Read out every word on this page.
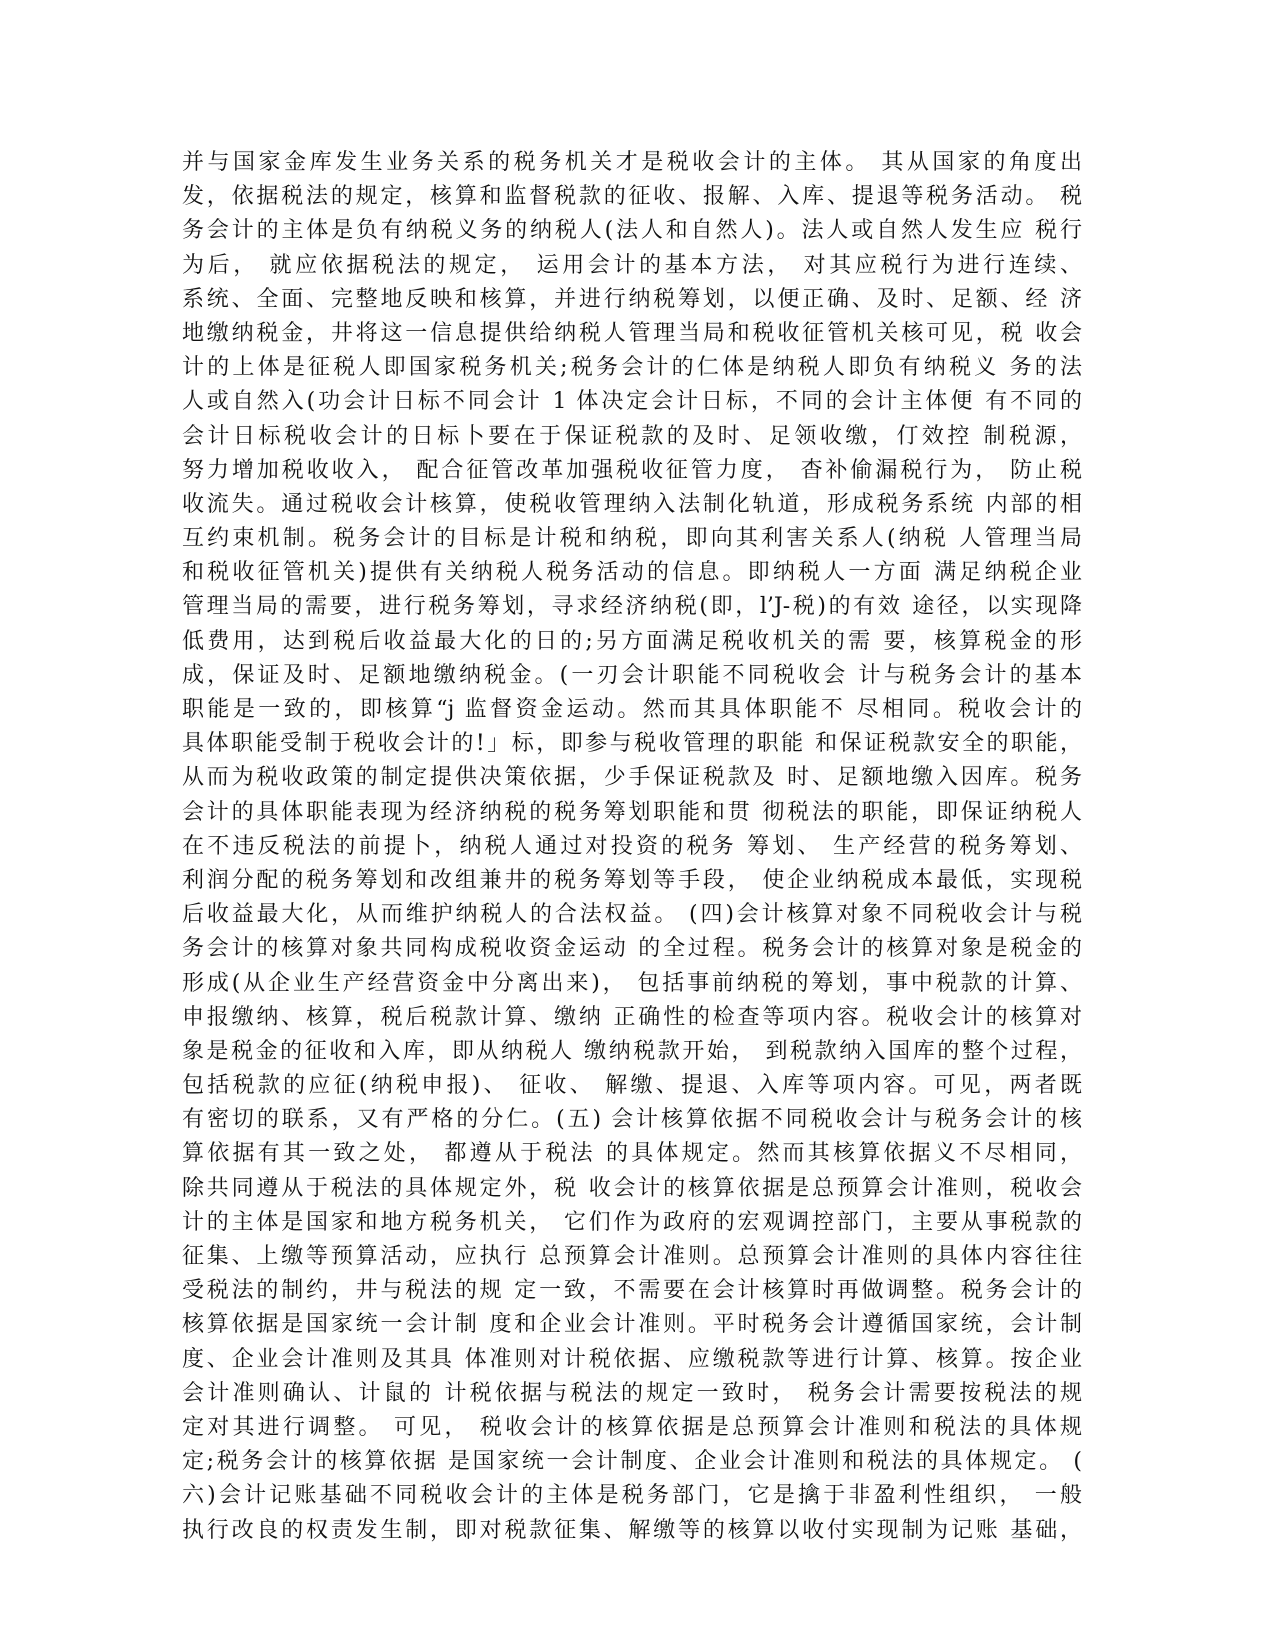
并与国家金库发生业务关系的税务机关才是税收会计的主体。 其从国家的角度出
发，依据税法的规定，核算和监督税款的征收、报解、入库、提退等税务活动。 税
务会计的主体是负有纳税义务的纳税人(法人和自然人)。法人或自然人发生应 税行
为后， 就应依据税法的规定， 运用会计的基本方法， 对其应税行为进行连续、
系统、全面、完整地反映和核算，并进行纳税筹划，以便正确、及时、足额、经 济
地缴纳税金，井将这一信息提供给纳税人管理当局和税收征管机关核可见，税 收会
计的上体是征税人即国家税务机关;税务会计的仁体是纳税人即负有纳税义 务的法
人或自然入(功会计日标不同会计 1 体决定会计日标，不同的会计主体便 有不同的
会计日标税收会计的日标卜要在于保证税款的及时、足领收缴，仃效控 制税源，
努力增加税收收入， 配合征管改革加强税收征管力度， 杳补偷漏税行为， 防止税
收流失。通过税收会计核算，使税收管理纳入法制化轨道，形成税务系统 内部的相
互约束机制。税务会计的目标是计税和纳税，即向其利害关系人(纳税 人管理当局
和税收征管机关)提供有关纳税人税务活动的信息。即纳税人一方面 满足纳税企业
管理当局的需要，进行税务筹划，寻求经济纳税(即，l’J-税)的有效 途径，以实现降
低费用，达到税后收益最大化的日的;另方面满足税收机关的需 要，核算税金的形
成，保证及时、足额地缴纳税金。(一刃会计职能不同税收会 计与税务会计的基本
职能是一致的，即核算“j 监督资金运动。然而其具体职能不 尽相同。税收会计的
具体职能受制于税收会计的!」标，即参与税收管理的职能 和保证税款安全的职能，
从而为税收政策的制定提供决策依据，少手保证税款及 时、足额地缴入因库。税务
会计的具体职能表现为经济纳税的税务筹划职能和贯 彻税法的职能，即保证纳税人
在不违反税法的前提卜，纳税人通过对投资的税务 筹划、 生产经营的税务筹划、
利润分配的税务筹划和改组兼井的税务筹划等手段， 使企业纳税成本最低，实现税
后收益最大化，从而维护纳税人的合法权益。 (四)会计核算对象不同税收会计与税
务会计的核算对象共同构成税收资金运动 的全过程。税务会计的核算对象是税金的
形成(从企业生产经营资金中分离出来)， 包括事前纳税的筹划，事中税款的计算、
申报缴纳、核算，税后税款计算、缴纳 正确性的检查等项内容。税收会计的核算对
象是税金的征收和入库，即从纳税人 缴纳税款开始， 到税款纳入国库的整个过程，
包括税款的应征(纳税申报)、 征收、 解缴、提退、入库等项内容。可见，两者既
有密切的联系，又有严格的分仁。(五) 会计核算依据不同税收会计与税务会计的核
算依据有其一致之处， 都遵从于税法 的具体规定。然而其核算依据义不尽相同，
除共同遵从于税法的具体规定外，税 收会计的核算依据是总预算会计准则，税收会
计的主体是国家和地方税务机关， 它们作为政府的宏观调控部门，主要从事税款的
征集、上缴等预算活动，应执行 总预算会计准则。总预算会计准则的具体内容往往
受税法的制约，井与税法的规 定一致，不需要在会计核算时再做调整。税务会计的
核算依据是国家统一会计制 度和企业会计准则。平时税务会计遵循国家统，会计制
度、企业会计准则及其具 体准则对计税依据、应缴税款等进行计算、核算。按企业
会计准则确认、计鼠的 计税依据与税法的规定一致时， 税务会计需要按税法的规
定对其进行调整。 可见， 税收会计的核算依据是总预算会计准则和税法的具体规
定;税务会计的核算依据 是国家统一会计制度、企业会计准则和税法的具体规定。 (
六)会计记账基础不同税收会计的主体是税务部门，它是擒于非盈利性组织， 一般
执行改良的权责发生制，即对税款征集、解缴等的核算以收付实现制为记账 基础，
